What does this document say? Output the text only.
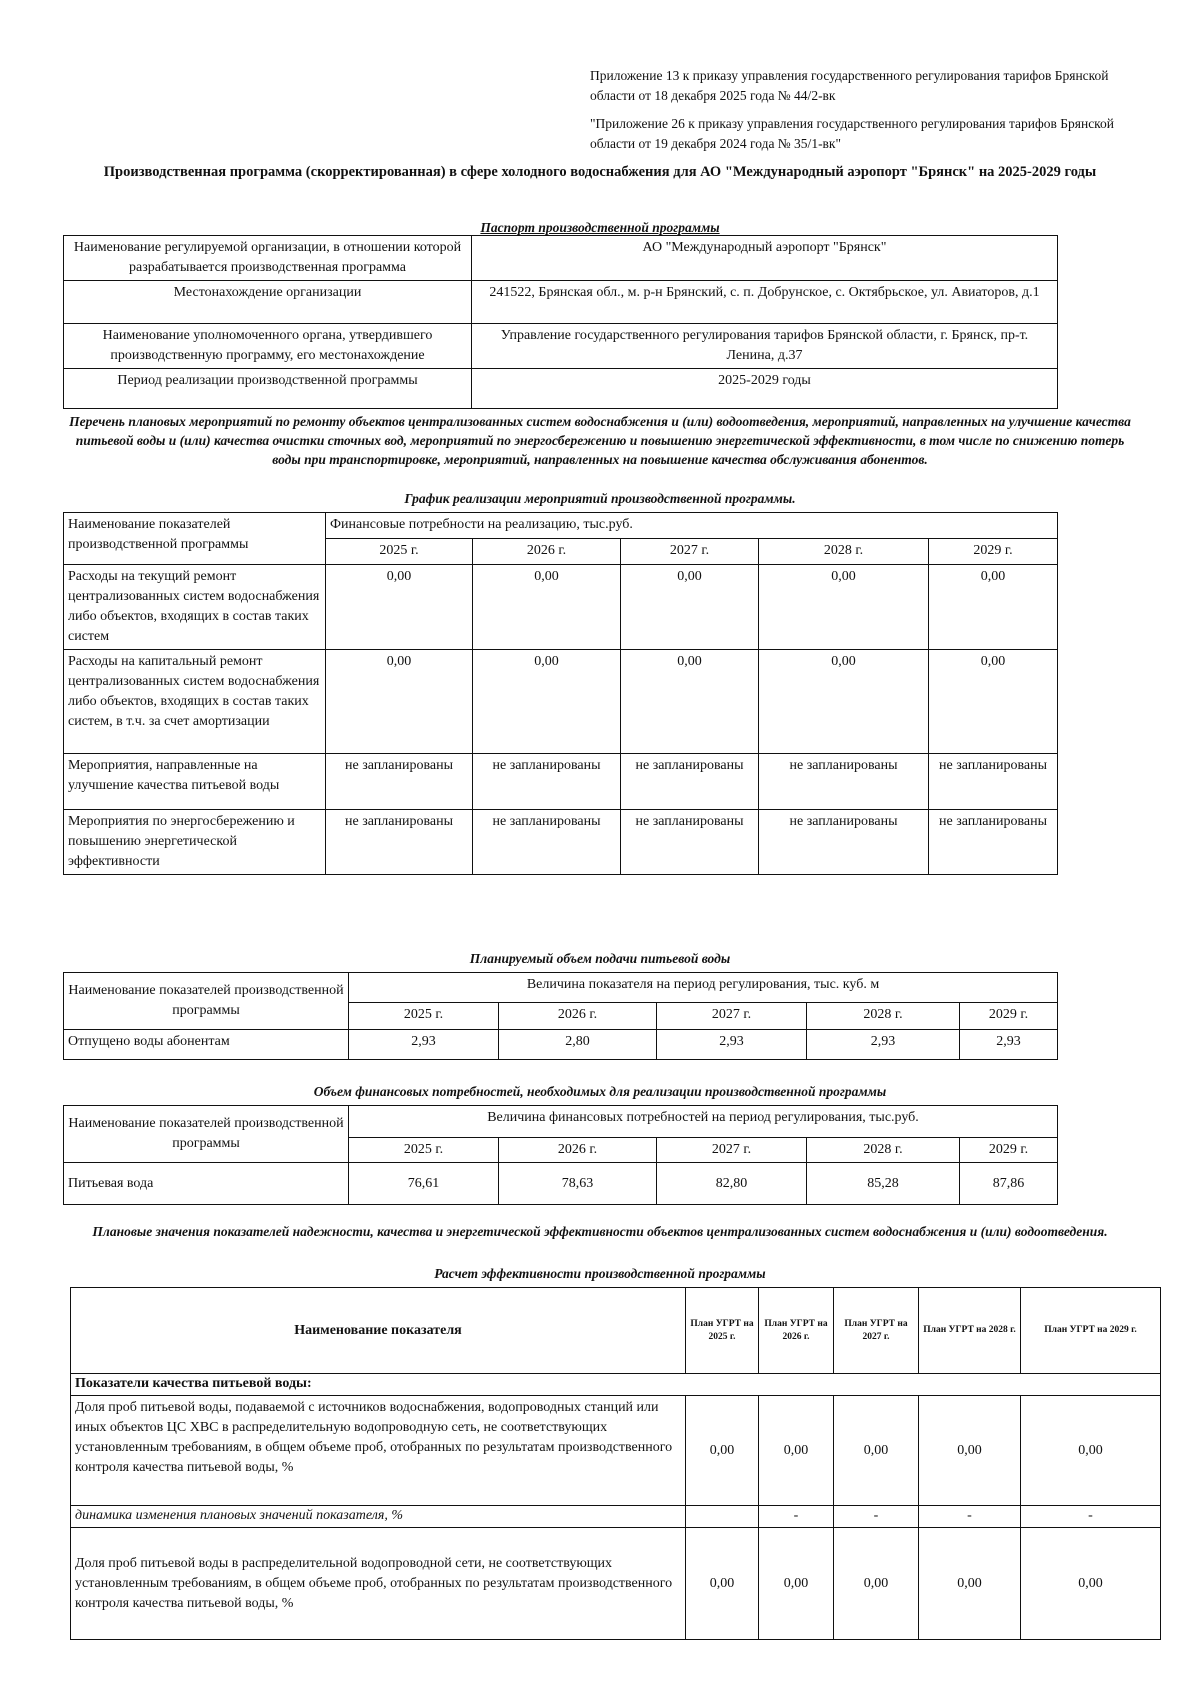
Приложение 13 к приказу управления государственного регулирования тарифов Брянской области от 18 декабря 2025 года № 44/2-вк
"Приложение 26 к приказу управления государственного регулирования тарифов Брянской области от 19 декабря 2024 года № 35/1-вк"
Производственная программа (скорректированная) в сфере холодного водоснабжения для АО "Международный аэропорт "Брянск" на 2025-2029 годы
Паспорт производственной программы
Наименование регулируемой организации, в отношении которой разрабатывается производственная программа	АО "Международный аэропорт "Брянск"
Местонахождение организации	241522, Брянская обл., м. р-н Брянский, с. п. Добрунское, с. Октябрьское, ул. Авиаторов, д.1
Наименование уполномоченного органа, утвердившего производственную программу, его местонахождение	Управление государственного регулирования тарифов Брянской области, г. Брянск, пр-т. Ленина, д.37
Период реализации производственной программы	2025-2029 годы
Перечень плановых мероприятий по ремонту объектов централизованных систем водоснабжения и (или) водоотведения, мероприятий, направленных на улучшение качества питьевой воды и (или) качества очистки сточных вод, мероприятий по энергосбережению и повышению энергетической эффективности, в том числе по снижению потерь воды при транспортировке, мероприятий, направленных на повышение качества обслуживания абонентов.
График реализации мероприятий производственной программы.
Наименование показателей производственной программы	Финансовые потребности на реализацию, тыс.руб.				
	2025 г.	2026 г.	2027 г.	2028 г.	2029 г.
Расходы на текущий ремонт централизованных систем водоснабжения либо объектов, входящих в состав таких систем	0,00	0,00	0,00	0,00	0,00
Расходы на капитальный ремонт централизованных систем водоснабжения либо объектов, входящих в состав таких систем, в т.ч. за счет амортизации	0,00	0,00	0,00	0,00	0,00
Мероприятия, направленные на улучшение качества питьевой воды	не запланированы	не запланированы	не запланированы	не запланированы	не запланированы
Мероприятия по энергосбережению и повышению энергетической эффективности	не запланированы	не запланированы	не запланированы	не запланированы	не запланированы
Планируемый объем подачи питьевой воды
Наименование показателей производственной программы	Величина показателя на период регулирования, тыс. куб. м				
	2025 г.	2026 г.	2027 г.	2028 г.	2029 г.
Отпущено воды абонентам	2,93	2,80	2,93	2,93	2,93
Объем финансовых потребностей, необходимых для реализации производственной программы
Наименование показателей производственной программы	Величина финансовых потребностей на период регулирования, тыс.руб.				
	2025 г.	2026 г.	2027 г.	2028 г.	2029 г.
Питьевая вода	76,61	78,63	82,80	85,28	87,86
Плановые значения показателей надежности, качества и энергетической эффективности объектов централизованных систем водоснабжения и (или) водоотведения.
Расчет эффективности производственной программы
Наименование показателя	План УГРТ на 2025 г.	План УГРТ на 2026 г.	План УГРТ на 2027 г.	План УГРТ на 2028 г.	План УГРТ на 2029 г.
Показатели качества питьевой воды:					
Доля проб питьевой воды, подаваемой с источников водоснабжения, водопроводных станций или иных объектов ЦС ХВС в распределительную водопроводную сеть, не соответствующих установленным требованиям, в общем объеме проб, отобранных по результатам производственного контроля качества питьевой воды, %	0,00	0,00	0,00	0,00	0,00
динамика изменения плановых значений показателя, %		-	-	-	-
Доля проб питьевой воды в распределительной водопроводной сети, не соответствующих установленным требованиям, в общем объеме проб, отобранных по результатам производственного контроля качества питьевой воды, %	0,00	0,00	0,00	0,00	0,00
